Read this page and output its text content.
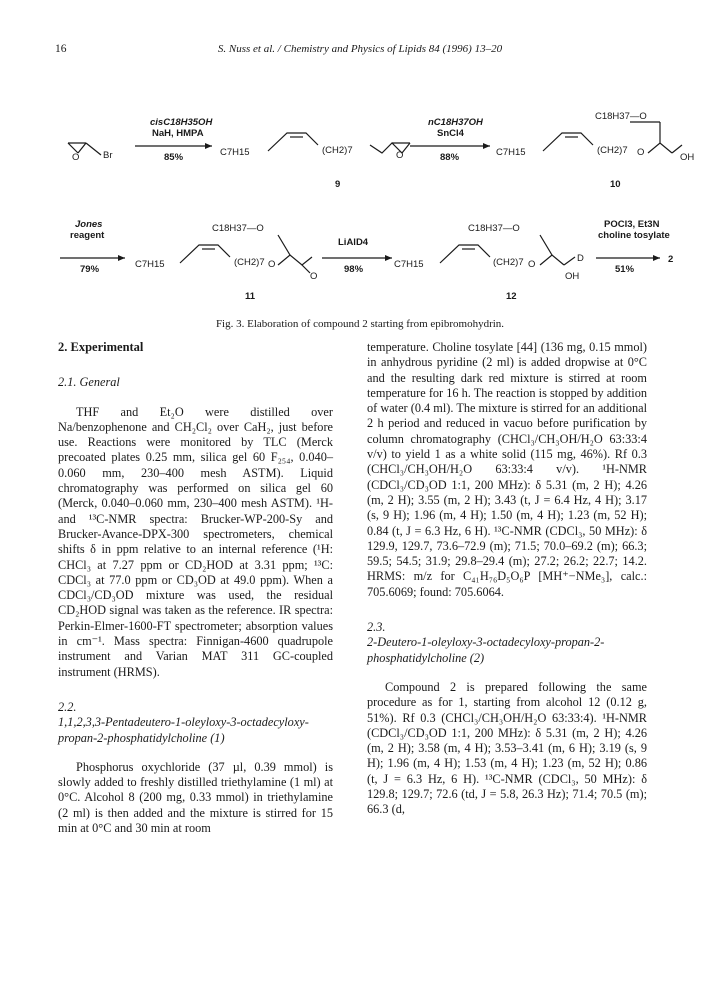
16	S. Nuss et al. / Chemistry and Physics of Lipids 84 (1996) 13–20
O Br
cisC18H35OH
NaH, HMPA
85%	C7H15	(CH2)7	O
9
nC18H37OH
SnCl4
88%
C18H37—O
C7H15	(CH2)7 O	OH
10
Jones
reagent
79%
C18H37—O
C7H15	(CH2)7 O
O
11
LiAlD4
98%
C18H37—O
C7H15	(CH2)7 O
D
OH
12
POCl3, Et3N
choline tosylate
51%
2
Fig. 3. Elaboration of compound 2 starting from epibromohydrin.

2. Experimental

2.1. General

THF and Et₂O were distilled over Na/benzophenone and CH₂Cl₂ over CaH₂, just before use. Reactions were monitored by TLC (Merck precoated plates 0.25 mm, silica gel 60 F₂₅₄, 0.040–0.060 mm, 230–400 mesh ASTM). Liquid chromatography was performed on silica gel 60 (Merck, 0.040–0.060 mm, 230–400 mesh ASTM). ¹H- and ¹³C-NMR spectra: Brucker-WP-200-Sy and Brucker-Avance-DPX-300 spectrometers, chemical shifts δ in ppm relative to an internal reference (¹H: CHCl₃ at 7.27 ppm or CD₂HOD at 3.31 ppm; ¹³C: CDCl₃ at 77.0 ppm or CD₃OD at 49.0 ppm). When a CDCl₃/CD₃OD mixture was used, the residual CD₂HOD signal was taken as the reference. IR spectra: Perkin-Elmer-1600-FT spectrometer; absorption values in cm⁻¹. Mass spectra: Finnigan-4600 quadrupole instrument and Varian MAT 311 GC-coupled instrument (HRMS).

2.2.

1,1,2,3,3-Pentadeutero-1-oleyloxy-3-octadecyloxy-propan-2-phosphatidylcholine (1)

Phosphorus oxychloride (37 µl, 0.39 mmol) is slowly added to freshly distilled triethylamine (1 ml) at 0°C. Alcohol 8 (200 mg, 0.33 mmol) in triethylamine (2 ml) is then added and the mixture is stirred for 15 min at 0°C and 30 min at room

temperature. Choline tosylate [44] (136 mg, 0.15 mmol) in anhydrous pyridine (2 ml) is added dropwise at 0°C and the resulting dark red mixture is stirred at room temperature for 16 h. The reaction is stopped by addition of water (0.4 ml). The mixture is stirred for an additional 2 h period and reduced in vacuo before purification by column chromatography (CHCl₃/CH₃OH/H₂O 63:33:4 v/v) to yield 1 as a white solid (115 mg, 46%). Rf 0.3 (CHCl₃/CH₃OH/H₂O 63:33:4 v/v). ¹H-NMR (CDCl₃/CD₃OD 1:1, 200 MHz): δ 5.31 (m, 2 H); 4.26 (m, 2 H); 3.55 (m, 2 H); 3.43 (t, J = 6.4 Hz, 4 H); 3.17 (s, 9 H); 1.96 (m, 4 H); 1.50 (m, 4 H); 1.23 (m, 52 H); 0.84 (t, J = 6.3 Hz, 6 H). ¹³C-NMR (CDCl₃, 50 MHz): δ 129.9, 129.7, 73.6–72.9 (m); 71.5; 70.0–69.2 (m); 66.3; 59.5; 54.5; 31.9; 29.8–29.4 (m); 27.2; 26.2; 22.7; 14.2. HRMS: m/z for C₄₁H₇₆D₅O₆P [MH⁺−NMe₃], calc.: 705.6069; found: 705.6064.

2.3.

2-Deutero-1-oleyloxy-3-octadecyloxy-propan-2-phosphatidylcholine (2)

Compound 2 is prepared following the same procedure as for 1, starting from alcohol 12 (0.12 g, 51%). Rf 0.3 (CHCl₃/CH₃OH/H₂O 63:33:4). ¹H-NMR (CDCl₃/CD₃OD 1:1, 200 MHz): δ 5.31 (m, 2 H); 4.26 (m, 2 H); 3.58 (m, 4 H); 3.53–3.41 (m, 6 H); 3.19 (s, 9 H); 1.96 (m, 4 H); 1.53 (m, 4 H); 1.23 (m, 52 H); 0.86 (t, J = 6.3 Hz, 6 H). ¹³C-NMR (CDCl₃, 50 MHz): δ 129.8; 129.7; 72.6 (td, J = 5.8, 26.3 Hz); 71.4; 70.5 (m); 66.3 (d,
